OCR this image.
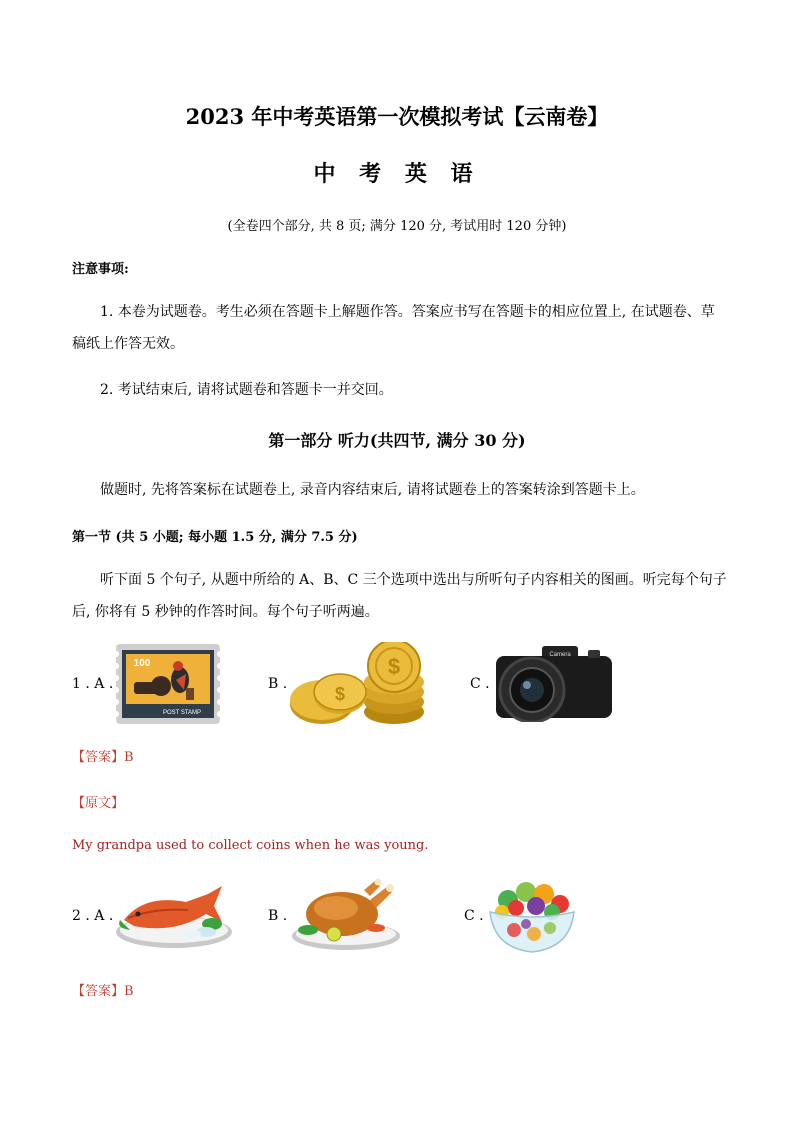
2023 年中考英语第一次模拟考试【云南卷】
中 考 英 语
(全卷四个部分, 共 8 页; 满分 120 分, 考试用时 120 分钟)
注意事项:
1. 本卷为试题卷。考生必须在答题卡上解题作答。答案应书写在答题卡的相应位置上, 在试题卷、草
稿纸上作答无效。
2. 考试结束后, 请将试题卷和答题卡一并交回。
第一部分 听力(共四节, 满分 30 分)
做题时, 先将答案标在试题卷上, 录音内容结束后, 请将试题卷上的答案转涂到答题卡上。
第一节 (共 5 小题; 每小题 1.5 分, 满分 7.5 分)
听下面 5 个句子, 从题中所给的 A、B、C 三个选项中选出与所听句子内容相关的图画。听完每个句子
后, 你将有 5 秒钟的作答时间。每个句子听两遍。
1 . A .
POST STAMP
100
B .
$
$	C .
Camera
【答案】B
【原文】
My grandpa used to collect coins when he was young.
2 . A .	B .	C .
【答案】B
